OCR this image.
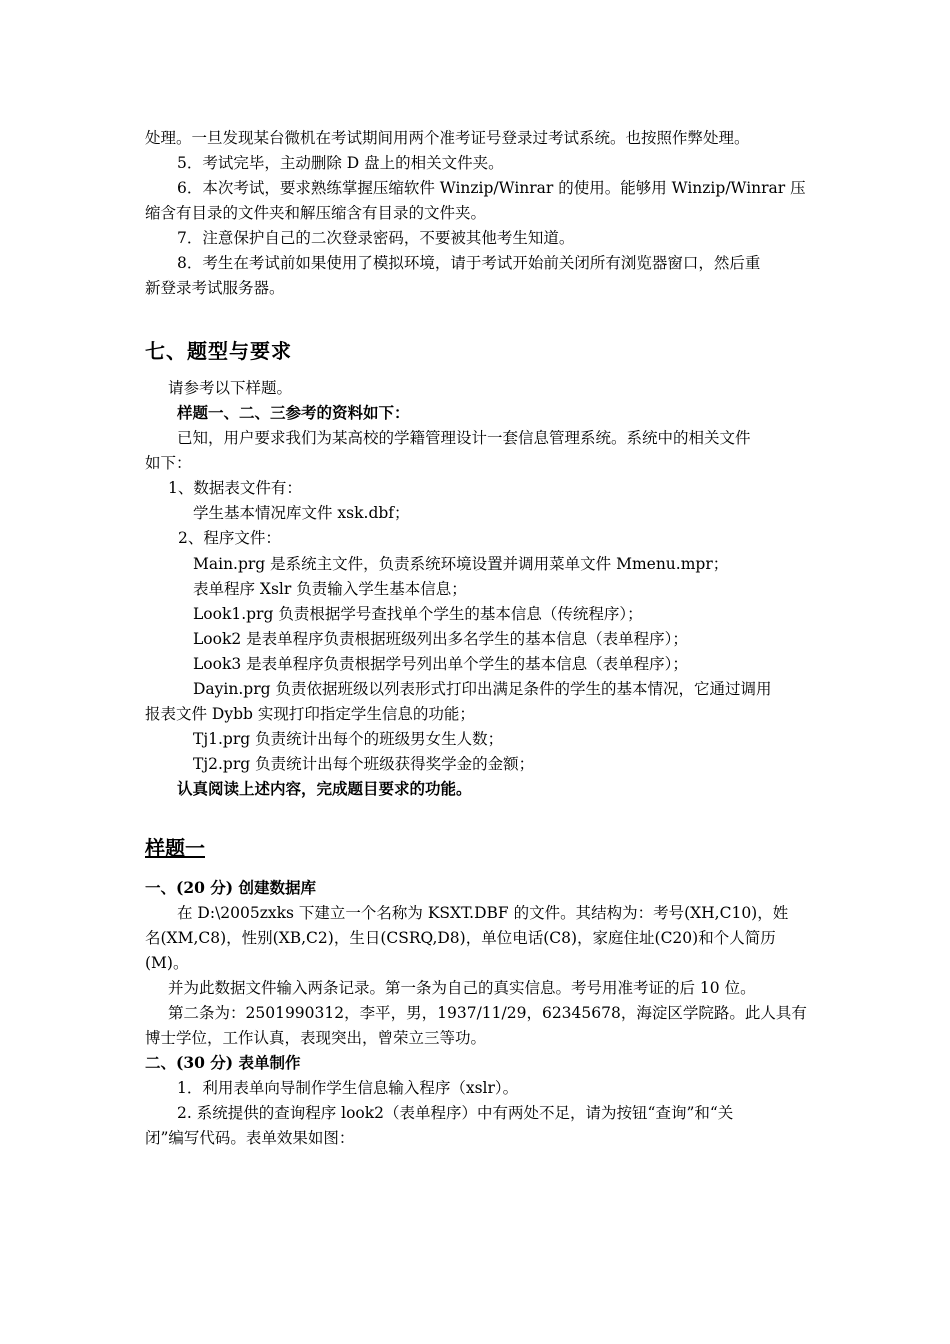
处理。一旦发现某台微机在考试期间用两个准考证号登录过考试系统。也按照作弊处理。
5．考试完毕，主动删除 D 盘上的相关文件夹。
6．本次考试，要求熟练掌握压缩软件 Winzip/Winrar 的使用。能够用 Winzip/Winrar 压
缩含有目录的文件夹和解压缩含有目录的文件夹。
7．注意保护自己的二次登录密码，不要被其他考生知道。
8．考生在考试前如果使用了模拟环境，请于考试开始前关闭所有浏览器窗口，然后重
新登录考试服务器。
七、题型与要求
请参考以下样题。
样题一、二、三参考的资料如下：
已知，用户要求我们为某高校的学籍管理设计一套信息管理系统。系统中的相关文件
如下：
1、数据表文件有：
学生基本情况库文件 xsk.dbf；
2、程序文件：
Main.prg 是系统主文件，负责系统环境设置并调用菜单文件 Mmenu.mpr；
表单程序 Xslr 负责输入学生基本信息；
Look1.prg 负责根据学号查找单个学生的基本信息（传统程序）；
Look2 是表单程序负责根据班级列出多名学生的基本信息（表单程序）；
Look3 是表单程序负责根据学号列出单个学生的基本信息（表单程序）；
Dayin.prg 负责依据班级以列表形式打印出满足条件的学生的基本情况，它通过调用
报表文件 Dybb 实现打印指定学生信息的功能；
Tj1.prg 负责统计出每个的班级男女生人数；
Tj2.prg 负责统计出每个班级获得奖学金的金额；
认真阅读上述内容，完成题目要求的功能。
样题一
一、(20 分) 创建数据库
在 D:\2005zxks 下建立一个名称为 KSXT.DBF 的文件。其结构为：考号(XH,C10)，姓
名(XM,C8)，性别(XB,C2)，生日(CSRQ,D8)，单位电话(C8)，家庭住址(C20)和个人简历
(M)。
并为此数据文件输入两条记录。第一条为自己的真实信息。考号用准考证的后 10 位。
第二条为：2501990312，李平，男，1937/11/29，62345678，海淀区学院路。此人具有
博士学位，工作认真，表现突出，曾荣立三等功。
二、(30 分) 表单制作
1．利用表单向导制作学生信息输入程序（xslr）。
2. 系统提供的查询程序 look2（表单程序）中有两处不足，请为按钮“查询”和“关
闭”编写代码。表单效果如图：
